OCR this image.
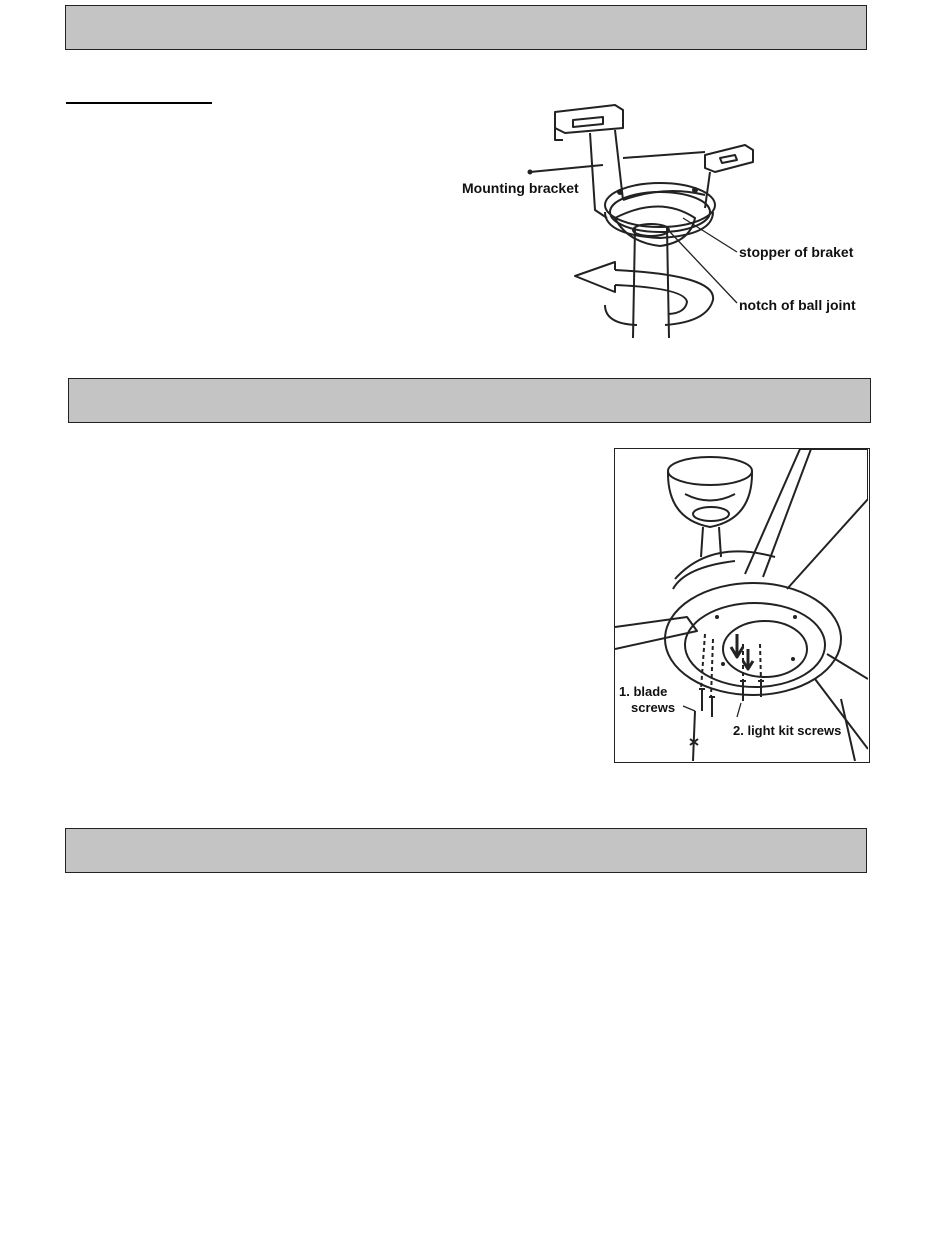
Mounting bracket
stopper of braket
notch of ball joint
1. blade
screws
2. light kit screws
